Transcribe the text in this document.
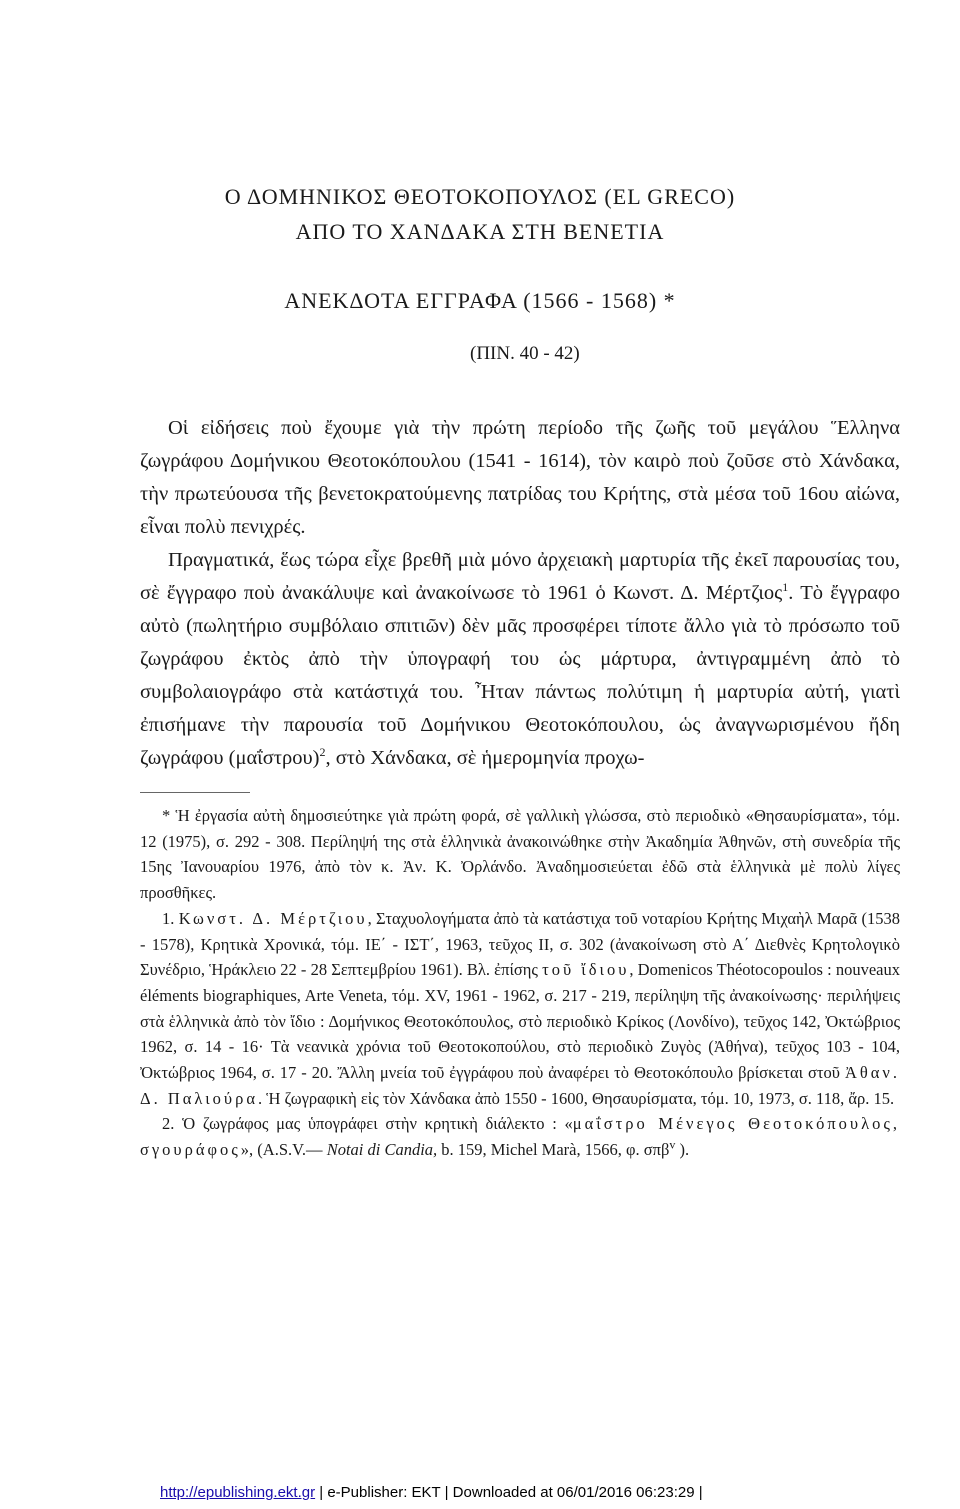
Ο ΔΟΜΗΝΙΚΟΣ ΘΕΟΤΟΚΟΠΟΥΛΟΣ (EL GRECO)
ΑΠΟ ΤΟ ΧΑΝΔΑΚΑ ΣΤΗ ΒΕΝΕΤΙΑ
ΑΝΕΚΔΟΤΑ ΕΓΓΡΑΦΑ (1566 - 1568) *
(ΠΙΝ. 40 - 42)

Οἱ εἰδήσεις ποὺ ἔχουμε γιὰ τὴν πρώτη περίοδο τῆς ζωῆς τοῦ μεγάλου Ἕλληνα ζωγράφου Δομήνικου Θεοτοκόπουλου (1541 - 1614), τὸν καιρὸ ποὺ ζοῦσε στὸ Χάνδακα, τὴν πρωτεύουσα τῆς βενετοκρατούμενης πατρίδας του Κρήτης, στὰ μέσα τοῦ 16ου αἰώνα, εἶναι πολὺ πενιχρές.

Πραγματικά, ἕως τώρα εἶχε βρεθῆ μιὰ μόνο ἀρχειακὴ μαρτυρία τῆς ἐκεῖ παρουσίας του, σὲ ἔγγραφο ποὺ ἀνακάλυψε καὶ ἀνακοίνωσε τὸ 1961 ὁ Κωνστ. Δ. Μέρτζιος$^1$. Τὸ ἔγγραφο αὐτὸ (πωλητήριο συμβόλαιο σπιτιῶν) δὲν μᾶς προσφέρει τίποτε ἄλλο γιὰ τὸ πρόσωπο τοῦ ζωγράφου ἐκτὸς ἀπὸ τὴν ὑπογραφή του ὡς μάρτυρα, ἀντιγραμμένη ἀπὸ τὸ συμβολαιογράφο στὰ κατάστιχά του. Ἦταν πάντως πολύτιμη ἡ μαρτυρία αὐτή, γιατὶ ἐπισήμανε τὴν παρουσία τοῦ Δομήνικου Θεοτοκόπουλου, ὡς ἀναγνωρισμένου ἤδη ζωγράφου $(\mu\alpha ΐ\sigma\tau\rho o\upsilon)^2$, στὸ Χάνδακα, σὲ ἡμερομηνία προχω-

* Ἡ ἐργασία αὐτὴ δημοσιεύτηκε γιὰ πρώτη φορά, σὲ γαλλικὴ γλώσσα, στὸ περιοδικὸ «Θησαυρίσματα», τόμ. 12 (1975), σ. 292 - 308. Περίληψή της στὰ ἑλληνικὰ ἀνακοινώθηκε στὴν Ἀκαδημία Ἀθηνῶν, στὴ συνεδρία τῆς 15ης Ἰανουαρίου 1976, ἀπὸ τὸν κ. Ἀν. Κ. Ὀρλάνδο. Ἀναδημοσιεύεται ἐδῶ στὰ ἑλληνικὰ μὲ πολὺ λίγες προσθῆκες.

1. Κωνστ. Δ. Μέρτζιου, Σταχυολογήματα ἀπὸ τὰ κατάστιχα τοῦ νοταρίου Κρήτης Μιχαὴλ Μαρᾶ (1538 - 1578), Κρητικὰ Χρονικά, τόμ. ΙΕ΄ - ΙΣΤ΄, 1963, τεῦχος ΙΙ, σ. 302 (ἀνακοίνωση στὸ Α΄ Διεθνὲς Κρητολογικὸ Συνέδριο, Ἡράκλειο 22 - 28 Σεπτεμβρίου 1961). Βλ. ἐπίσης τοῦ ἴδιου, Domenicos Théotocopoulos : nouveaux éléments biographiques, Arte Veneta, τόμ. XV, 1961 - 1962, σ. 217 - 219, περίληψη τῆς ἀνακοίνωσης· περιλήψεις στὰ ἑλληνικὰ ἀπὸ τὸν ἴδιο : Δομήνικος Θεοτοκόπουλος, στὸ περιοδικὸ Κρίκος (Λονδίνο), τεῦχος 142, Ὀκτώβριος 1962, σ. 14 - 16· Τὰ νεανικὰ χρόνια τοῦ Θεοτοκοπούλου, στὸ περιοδικὸ Ζυγὸς (Ἀθήνα), τεῦχος 103 - 104, Ὀκτώβριος 1964, σ. 17 - 20. Ἄλλη μνεία τοῦ ἐγγράφου ποὺ ἀναφέρει τὸ Θεοτοκόπουλο βρίσκεται στοῦ Ἀθαν. Δ. Παλιούρα. Ἡ ζωγραφικὴ εἰς τὸν Χάνδακα ἀπὸ 1550 - 1600, Θησαυρίσματα, τόμ. 10, 1973, σ. 118, ἄρ. 15.

2. Ὁ ζωγράφος μας ὑπογράφει στὴν κρητικὴ διάλεκτο : «μαΐστρο Μένεγος Θεοτοκόπουλος, σγουράφος», (A.S.V.— Notai di Candia, b. 159, Michel Marà, 1566, φ. σπβ$^v$ ).

http://epublishing.ekt.gr | e-Publisher: EKT | Downloaded at 06/01/2016 06:23:29 |
